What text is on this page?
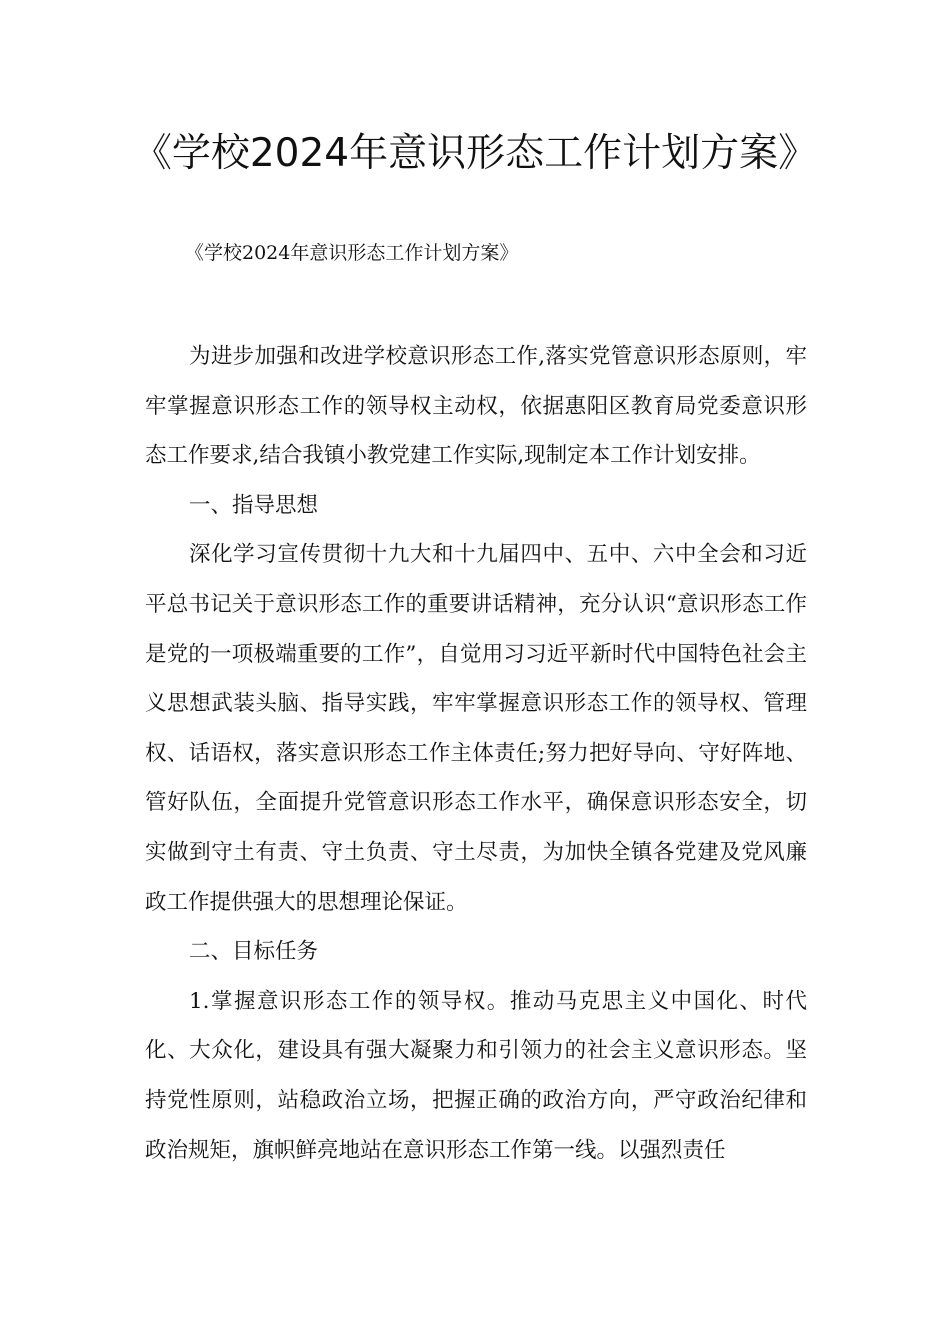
《学校2024年意识形态工作计划方案》

《学校2024年意识形态工作计划方案》

为进步加强和改进学校意识形态工作,落实党管意识形态原则，牢牢掌握意识形态工作的领导权主动权，依据惠阳区教育局党委意识形态工作要求,结合我镇小教党建工作实际,现制定本工作计划安排。

一、指导思想

深化学习宣传贯彻十九大和十九届四中、五中、六中全会和习近平总书记关于意识形态工作的重要讲话精神，充分认识“意识形态工作是党的一项极端重要的工作”，自觉用习习近平新时代中国特色社会主义思想武装头脑、指导实践，牢牢掌握意识形态工作的领导权、管理权、话语权，落实意识形态工作主体责任;努力把好导向、守好阵地、管好队伍，全面提升党管意识形态工作水平，确保意识形态安全，切实做到守土有责、守土负责、守土尽责，为加快全镇各党建及党风廉政工作提供强大的思想理论保证。

二、目标任务

1.掌握意识形态工作的领导权。推动马克思主义中国化、时代化、大众化，建设具有强大凝聚力和引领力的社会主义意识形态。坚持党性原则，站稳政治立场，把握正确的政治方向，严守政治纪律和政治规矩，旗帜鲜亮地站在意识形态工作第一线。以强烈责任
